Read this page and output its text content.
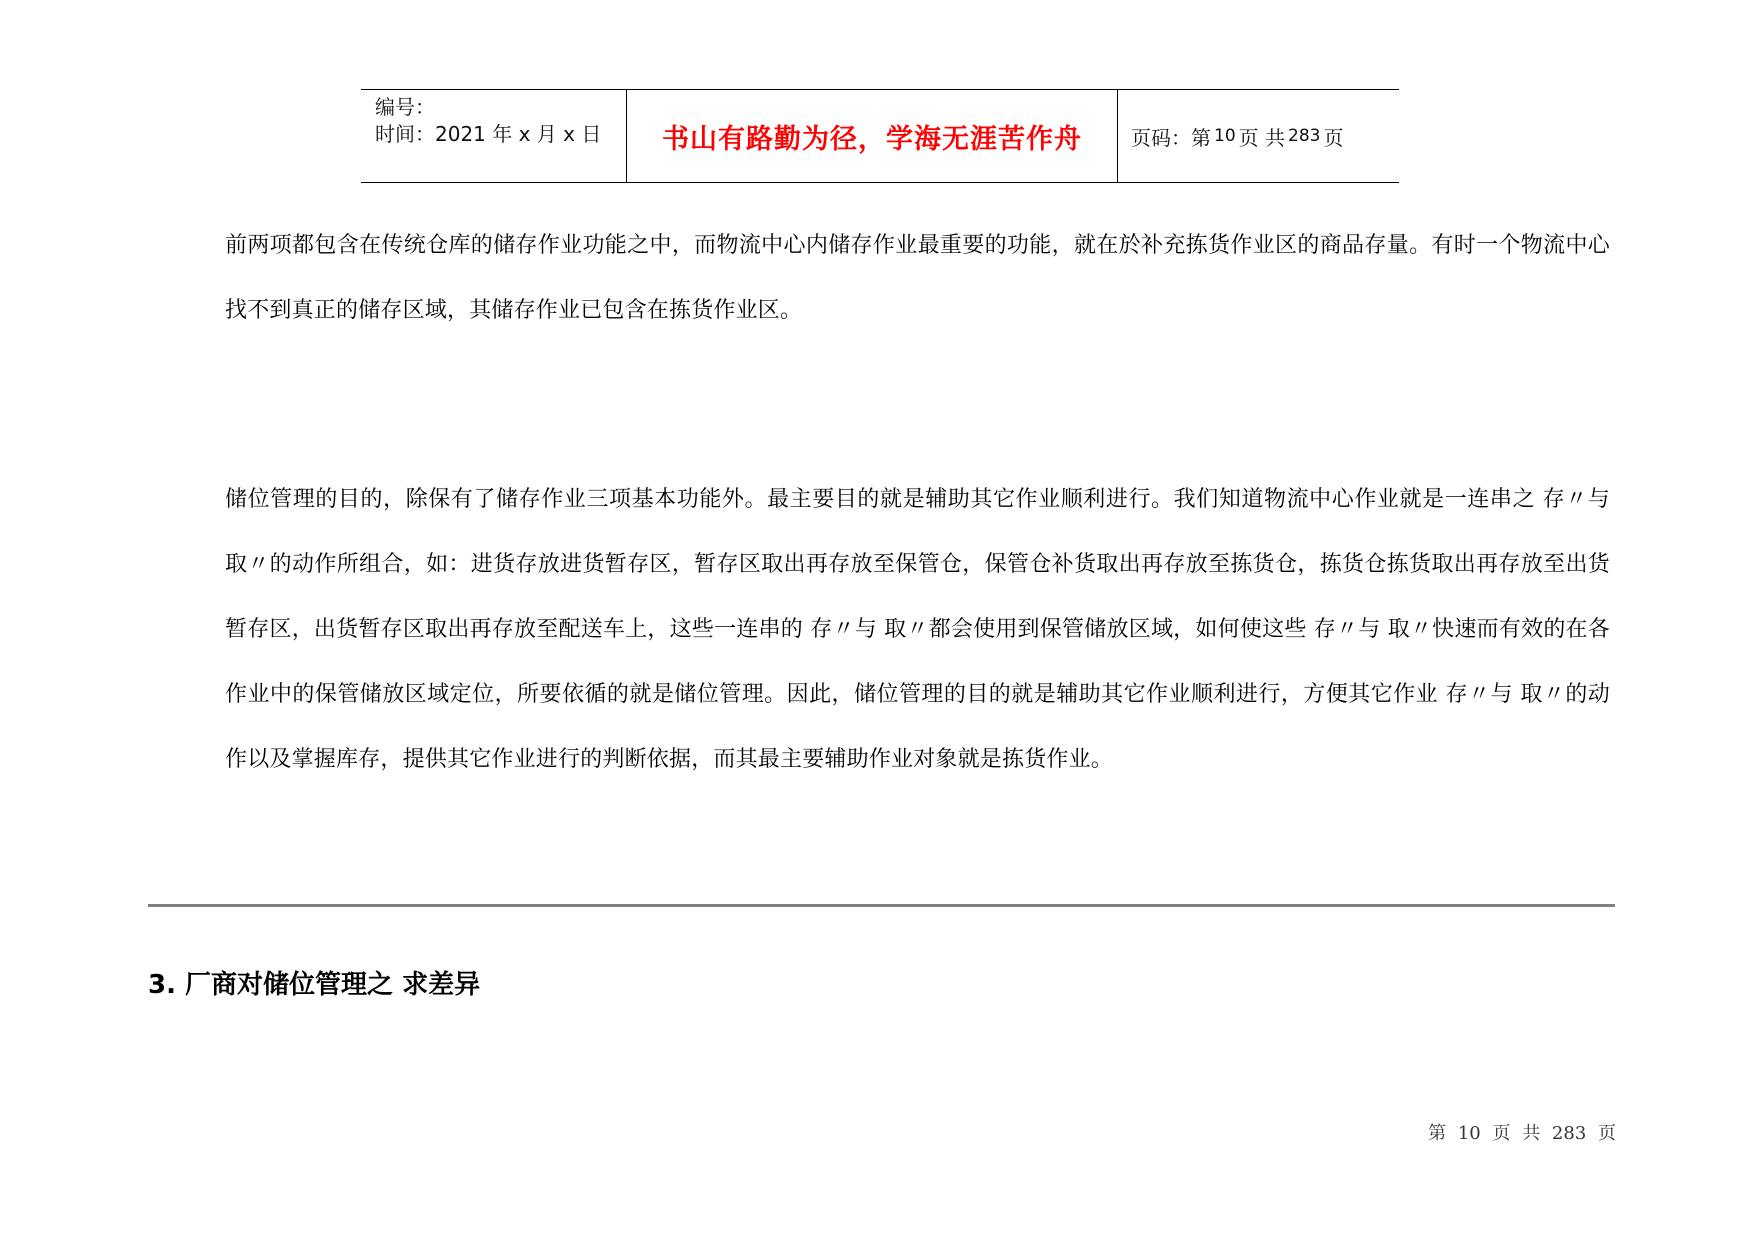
编号：
时间：2021 年 x 月 x 日	书山有路勤为径，学海无涯苦作舟	页码：第 10 页 共 283 页

前两项都包含在传统仓库的储存作业功能之中，而物流中心内储存作业最重要的功能，就在於补充拣货作业区的商品存量。有时一个物流中心找不到真正的储存区域，其储存作业已包含在拣货作业区。

储位管理的目的，除保有了储存作业三项基本功能外。最主要目的就是辅助其它作业顺利进行。我们知道物流中心作业就是一连串之 存〃与 取〃的动作所组合，如：进货存放进货暂存区，暂存区取出再存放至保管仓，保管仓补货取出再存放至拣货仓，拣货仓拣货取出再存放至出货暂存区，出货暂存区取出再存放至配送车上，这些一连串的 存〃与 取〃都会使用到保管储放区域，如何使这些 存〃与 取〃快速而有效的在各作业中的保管储放区域定位，所要依循的就是储位管理。因此，储位管理的目的就是辅助其它作业顺利进行，方便其它作业 存〃与 取〃的动作以及掌握库存，提供其它作业进行的判断依据，而其最主要辅助作业对象就是拣货作业。

3. 厂商对储位管理之 求差异
第 10 页 共 283 页
